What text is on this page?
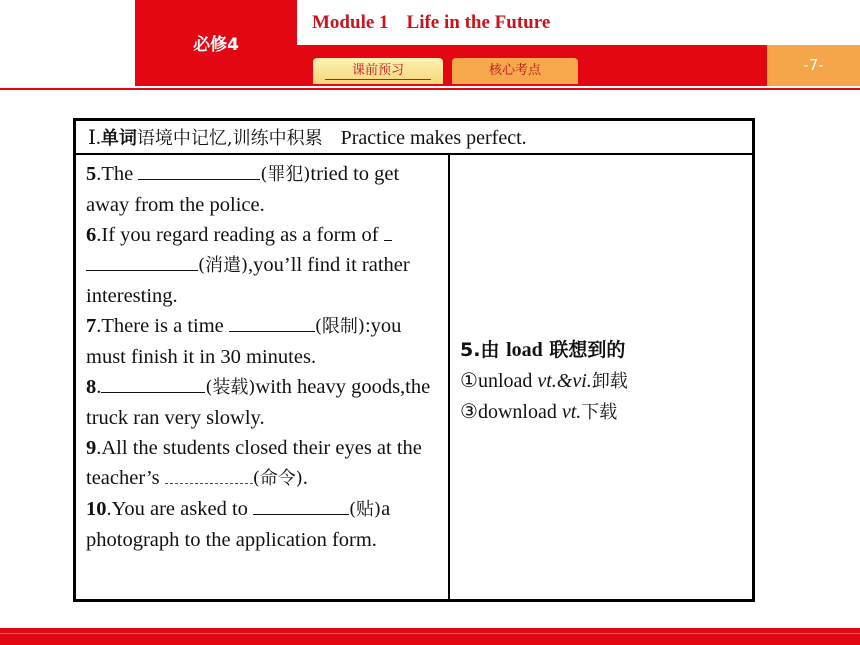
必修4
Module 1 Life in the Future
-7-
课前预习	核心考点
Ⅰ.单词语境中记忆,训练中积累 Practice makes perfect.
5.The	(罪犯)tried to get away from the police.
6.If you regard reading as a form of  (消遣),you’ll find it rather interesting.
7.There is a time	(限制):you must finish it in 30 minutes.
8.	(装载)with heavy goods,the truck ran very slowly.
9.All the students closed their eyes at the teacher’s	(命令).
10.You are asked to	(贴)a photograph to the application form.
5.由 load 联想到的
①unload vt.&vi.卸载
③download vt.下载
